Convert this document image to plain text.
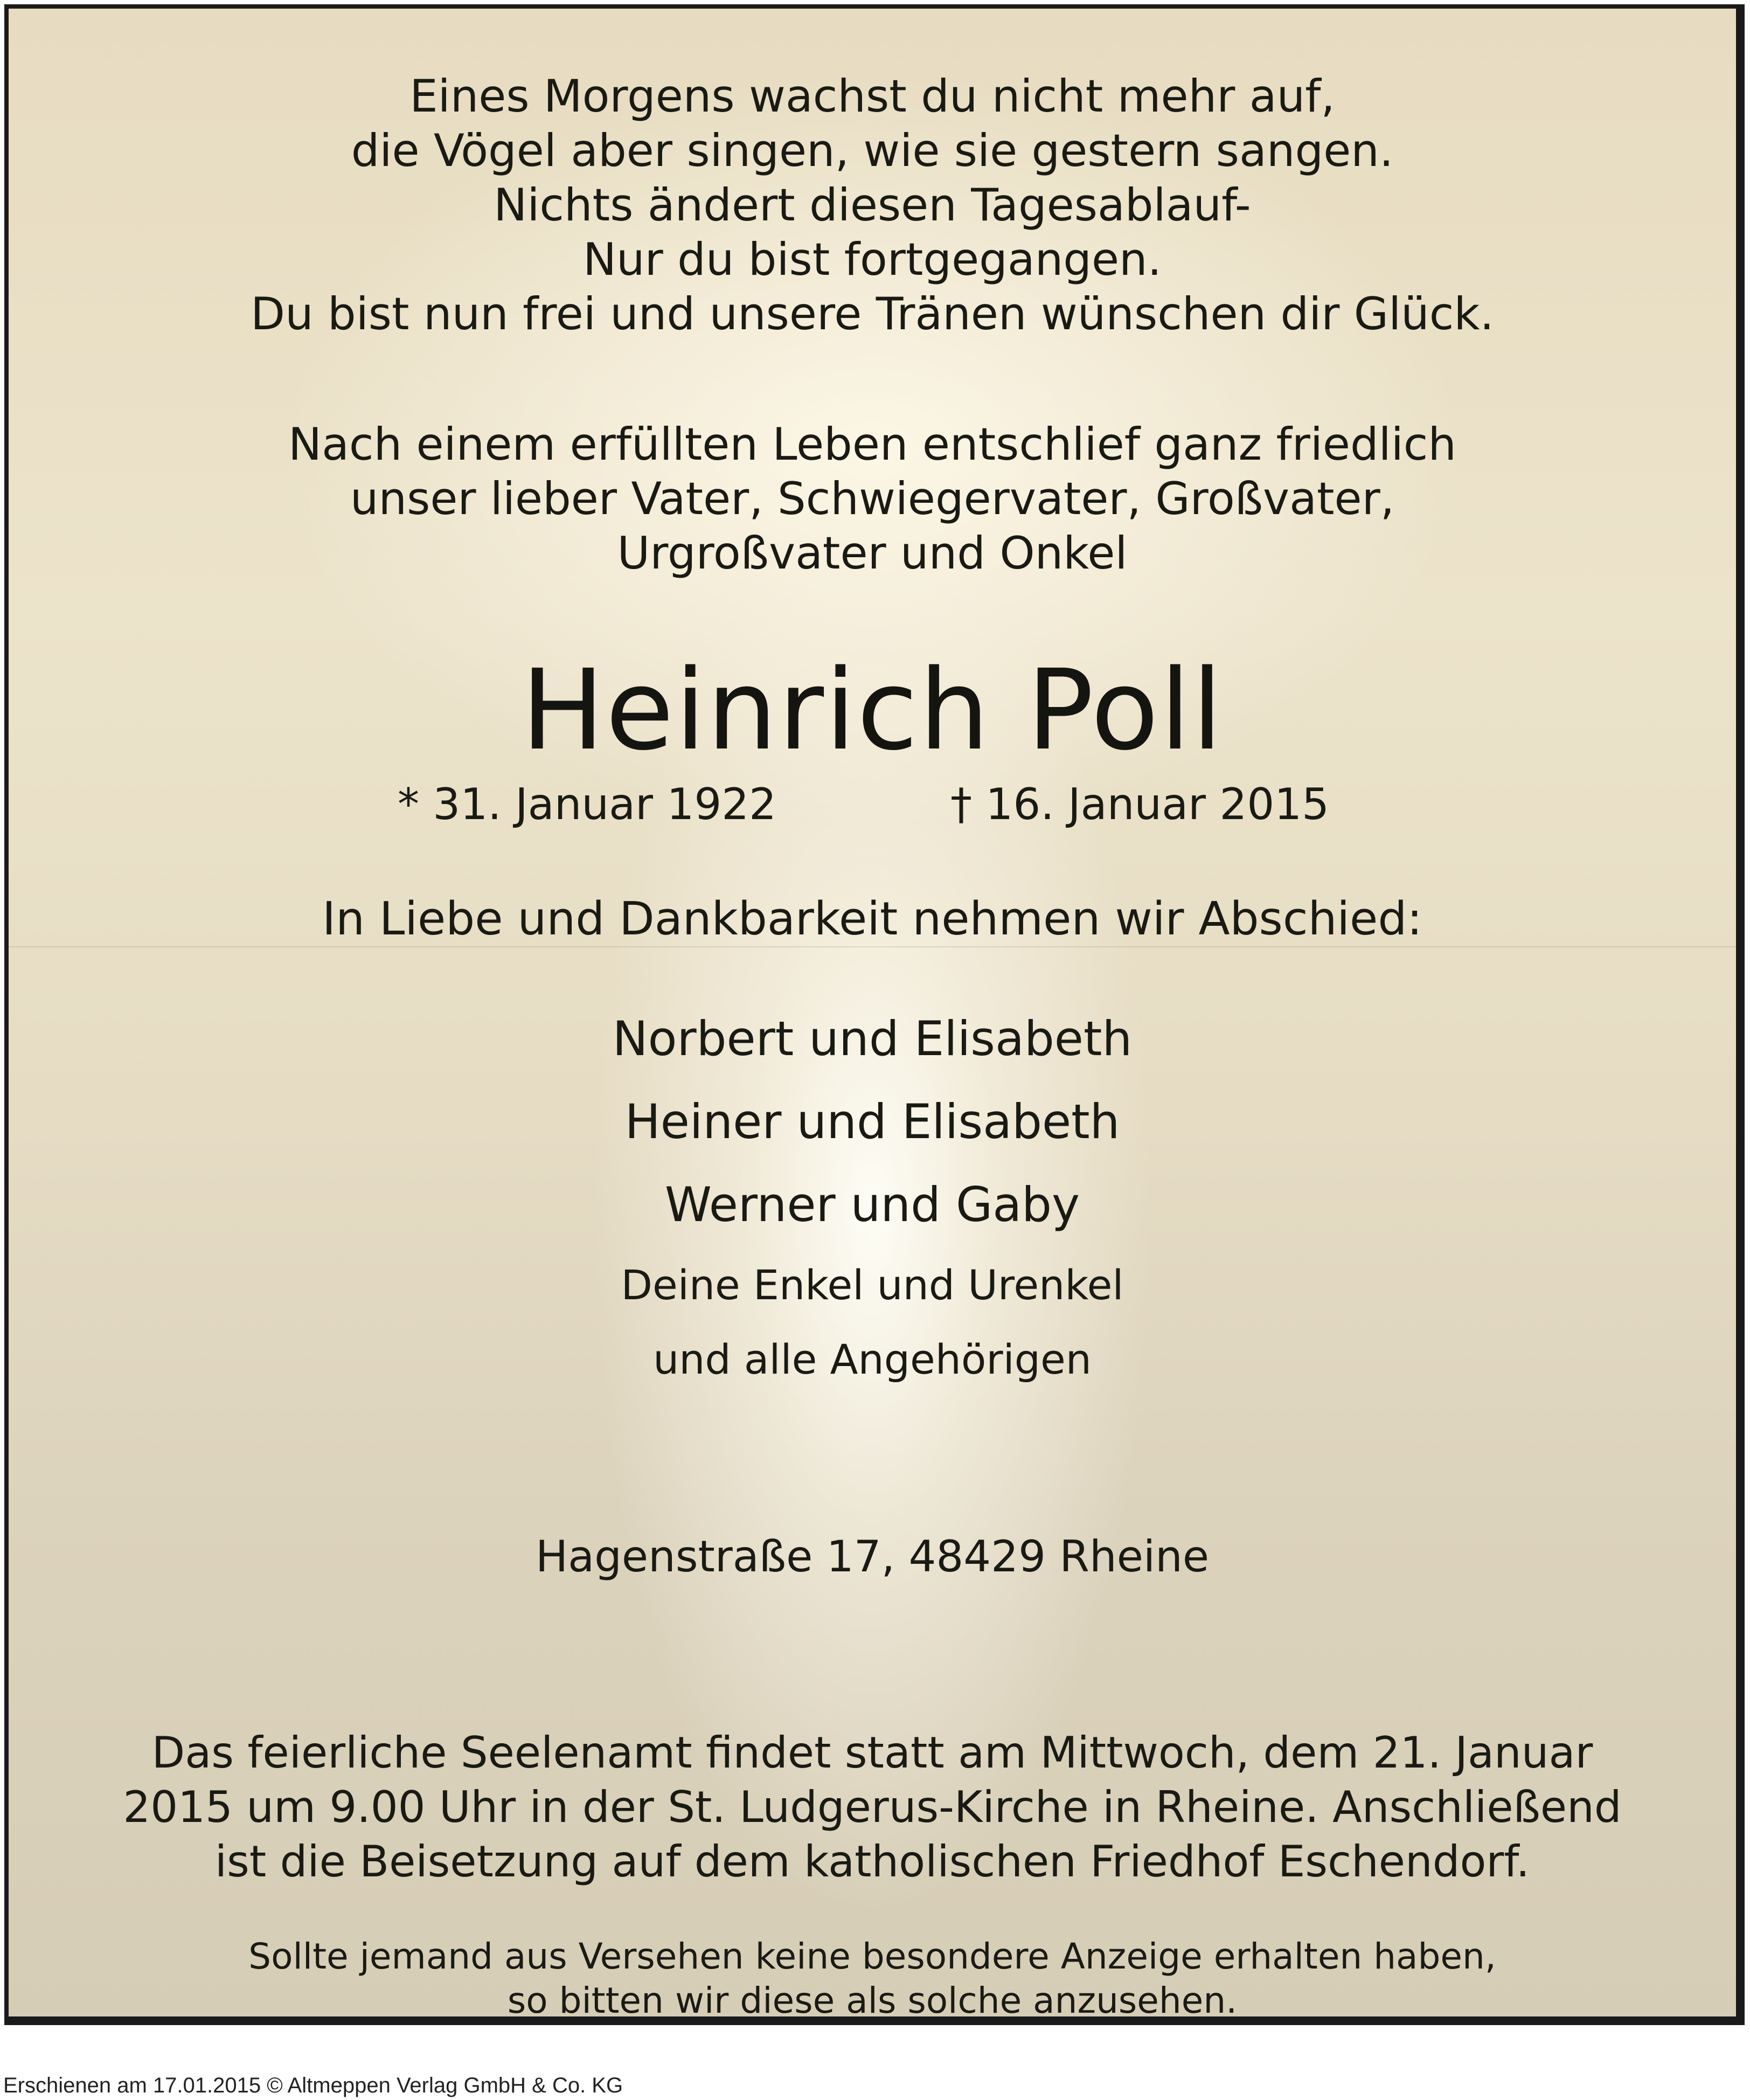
Eines Morgens wachst du nicht mehr auf,
die Vögel aber singen, wie sie gestern sangen.
Nichts ändert diesen Tagesablauf-
Nur du bist fortgegangen.
Du bist nun frei und unsere Tränen wünschen dir Glück.
Nach einem erfüllten Leben entschlief ganz friedlich
unser lieber Vater, Schwiegervater, Großvater,
Urgroßvater und Onkel
Heinrich Poll
* 31. Januar 1922	† 16. Januar 2015
In Liebe und Dankbarkeit nehmen wir Abschied:
Norbert und Elisabeth
Heiner und Elisabeth
Werner und Gaby
Deine Enkel und Urenkel
und alle Angehörigen
Hagenstraße 17, 48429 Rheine
Das feierliche Seelenamt findet statt am Mittwoch, dem 21. Januar
2015 um 9.00 Uhr in der St. Ludgerus-Kirche in Rheine. Anschließend
ist die Beisetzung auf dem katholischen Friedhof Eschendorf.
Sollte jemand aus Versehen keine besondere Anzeige erhalten haben,
so bitten wir diese als solche anzusehen.
Erschienen am 17.01.2015 © Altmeppen Verlag GmbH & Co. KG
